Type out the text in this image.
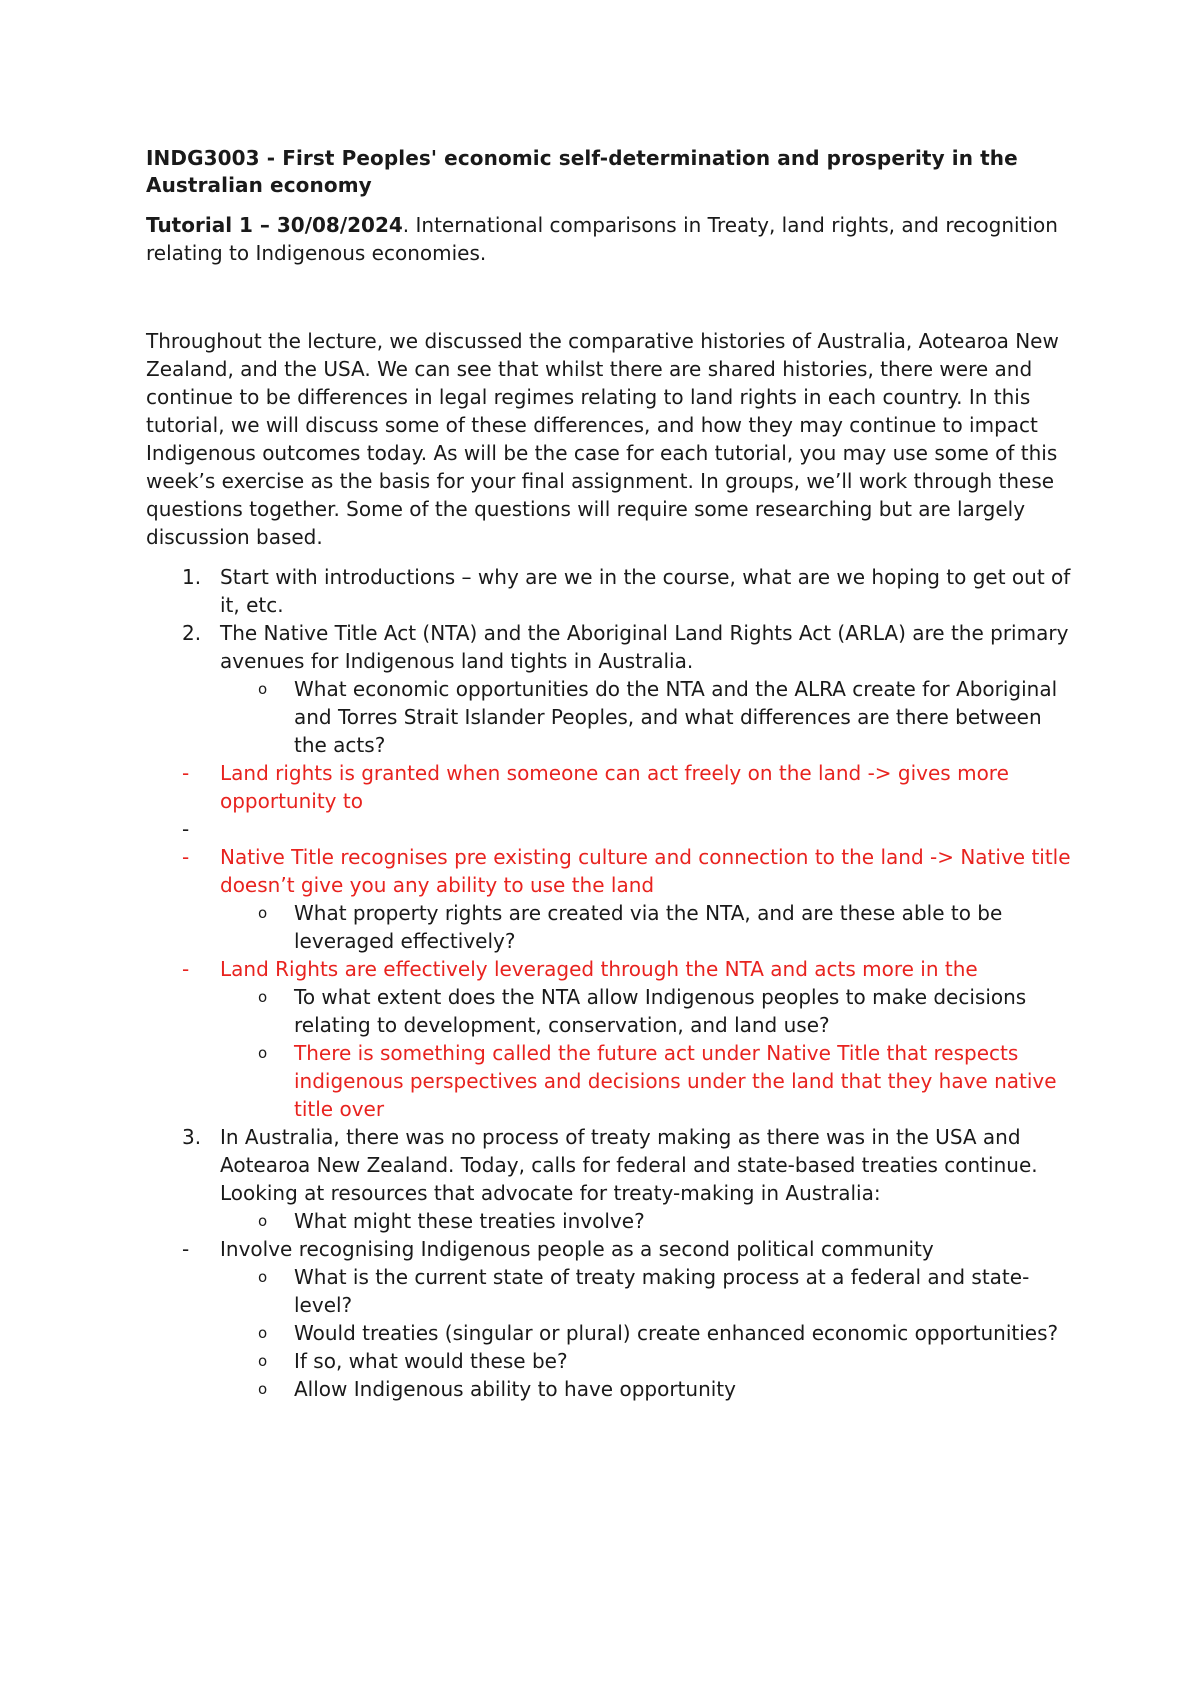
INDG3003 - First Peoples' economic self-determination and prosperity in the Australian economy

Tutorial 1 – 30/08/2024. International comparisons in Treaty, land rights, and recognition relating to Indigenous economies.

Throughout the lecture, we discussed the comparative histories of Australia, Aotearoa New Zealand, and the USA. We can see that whilst there are shared histories, there were and continue to be differences in legal regimes relating to land rights in each country. In this tutorial, we will discuss some of these differences, and how they may continue to impact Indigenous outcomes today. As will be the case for each tutorial, you may use some of this week’s exercise as the basis for your final assignment. In groups, we’ll work through these questions together. Some of the questions will require some researching but are largely discussion based.

1. Start with introductions – why are we in the course, what are we hoping to get out of it, etc.
2. The Native Title Act (NTA) and the Aboriginal Land Rights Act (ARLA) are the primary avenues for Indigenous land tights in Australia.
o What economic opportunities do the NTA and the ALRA create for Aboriginal and Torres Strait Islander Peoples, and what differences are there between the acts?
- Land rights is granted when someone can act freely on the land -> gives more opportunity to
-

- Native Title recognises pre existing culture and connection to the land -> Native title doesn’t give you any ability to use the land
o What property rights are created via the NTA, and are these able to be leveraged effectively?
- Land Rights are effectively leveraged through the NTA and acts more in the
o To what extent does the NTA allow Indigenous peoples to make decisions relating to development, conservation, and land use?
o There is something called the future act under Native Title that respects indigenous perspectives and decisions under the land that they have native title over
3. In Australia, there was no process of treaty making as there was in the USA and Aotearoa New Zealand. Today, calls for federal and state-based treaties continue. Looking at resources that advocate for treaty-making in Australia:
o What might these treaties involve?
- Involve recognising Indigenous people as a second political community
o What is the current state of treaty making process at a federal and state-level?
o Would treaties (singular or plural) create enhanced economic opportunities?
o If so, what would these be?
o Allow Indigenous ability to have opportunity
